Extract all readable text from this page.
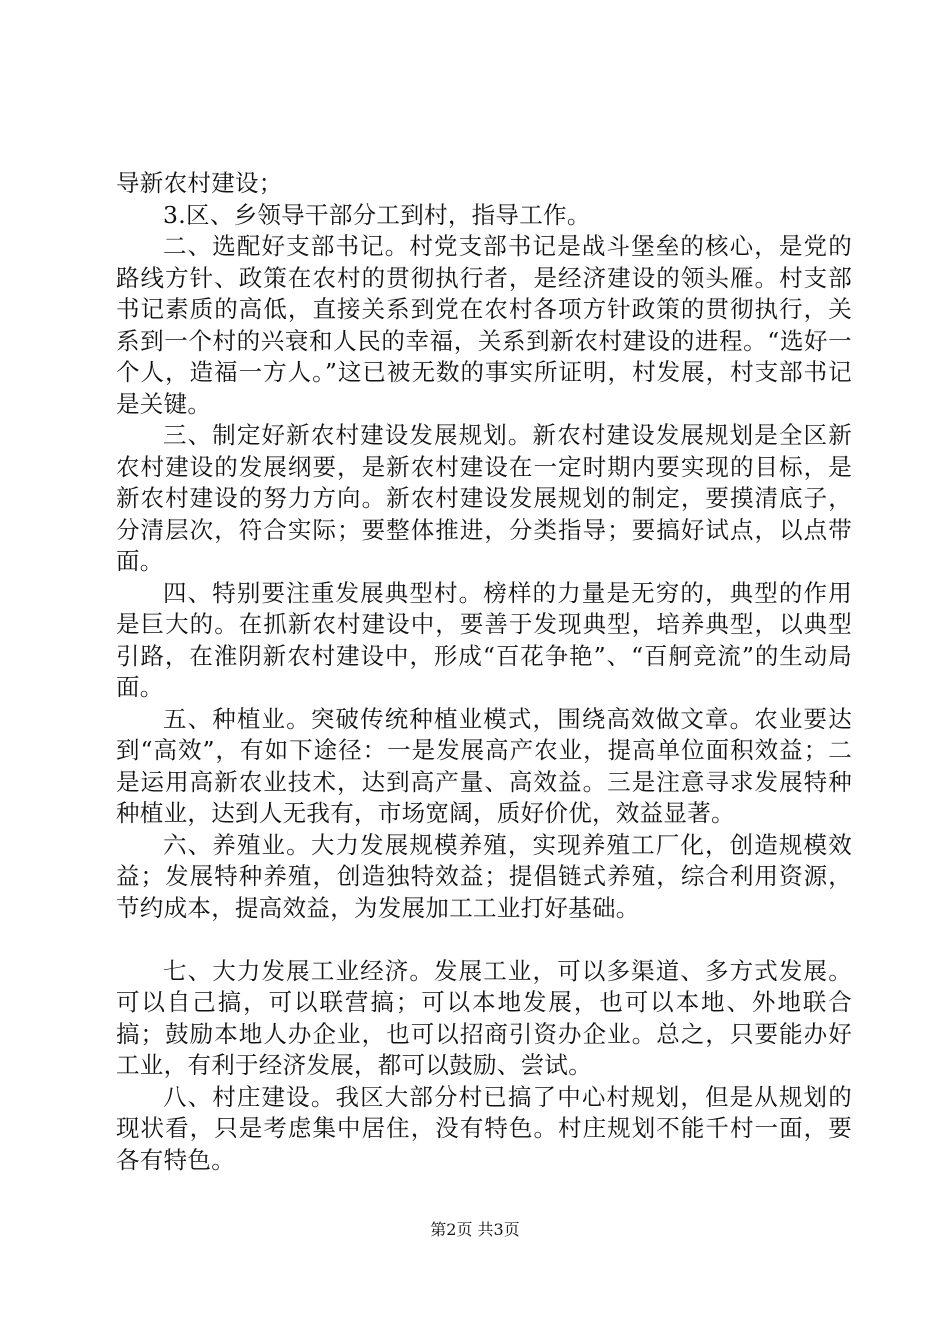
导新农村建设；

3.区、乡领导干部分工到村，指导工作。

二、选配好支部书记。村党支部书记是战斗堡垒的核心，是党的路线方针、政策在农村的贯彻执行者，是经济建设的领头雁。村支部书记素质的高低，直接关系到党在农村各项方针政策的贯彻执行，关系到一个村的兴衰和人民的幸福，关系到新农村建设的进程。“选好一个人，造福一方人。”这已被无数的事实所证明，村发展，村支部书记是关键。

三、制定好新农村建设发展规划。新农村建设发展规划是全区新农村建设的发展纲要，是新农村建设在一定时期内要实现的目标，是新农村建设的努力方向。新农村建设发展规划的制定，要摸清底子，分清层次，符合实际；要整体推进，分类指导；要搞好试点，以点带面。

四、特别要注重发展典型村。榜样的力量是无穷的，典型的作用是巨大的。在抓新农村建设中，要善于发现典型，培养典型，以典型引路，在淮阴新农村建设中，形成“百花争艳”、“百舸竞流”的生动局面。

五、种植业。突破传统种植业模式，围绕高效做文章。农业要达到“高效”，有如下途径：一是发展高产农业，提高单位面积效益；二是运用高新农业技术，达到高产量、高效益。三是注意寻求发展特种种植业，达到人无我有，市场宽阔，质好价优，效益显著。

六、养殖业。大力发展规模养殖，实现养殖工厂化，创造规模效益；发展特种养殖，创造独特效益；提倡链式养殖，综合利用资源，节约成本，提高效益，为发展加工工业打好基础。

七、大力发展工业经济。发展工业，可以多渠道、多方式发展。可以自己搞，可以联营搞；可以本地发展，也可以本地、外地联合搞；鼓励本地人办企业，也可以招商引资办企业。总之，只要能办好工业，有利于经济发展，都可以鼓励、尝试。

八、村庄建设。我区大部分村已搞了中心村规划，但是从规划的现状看，只是考虑集中居住，没有特色。村庄规划不能千村一面，要各有特色。

第2页 共3页
